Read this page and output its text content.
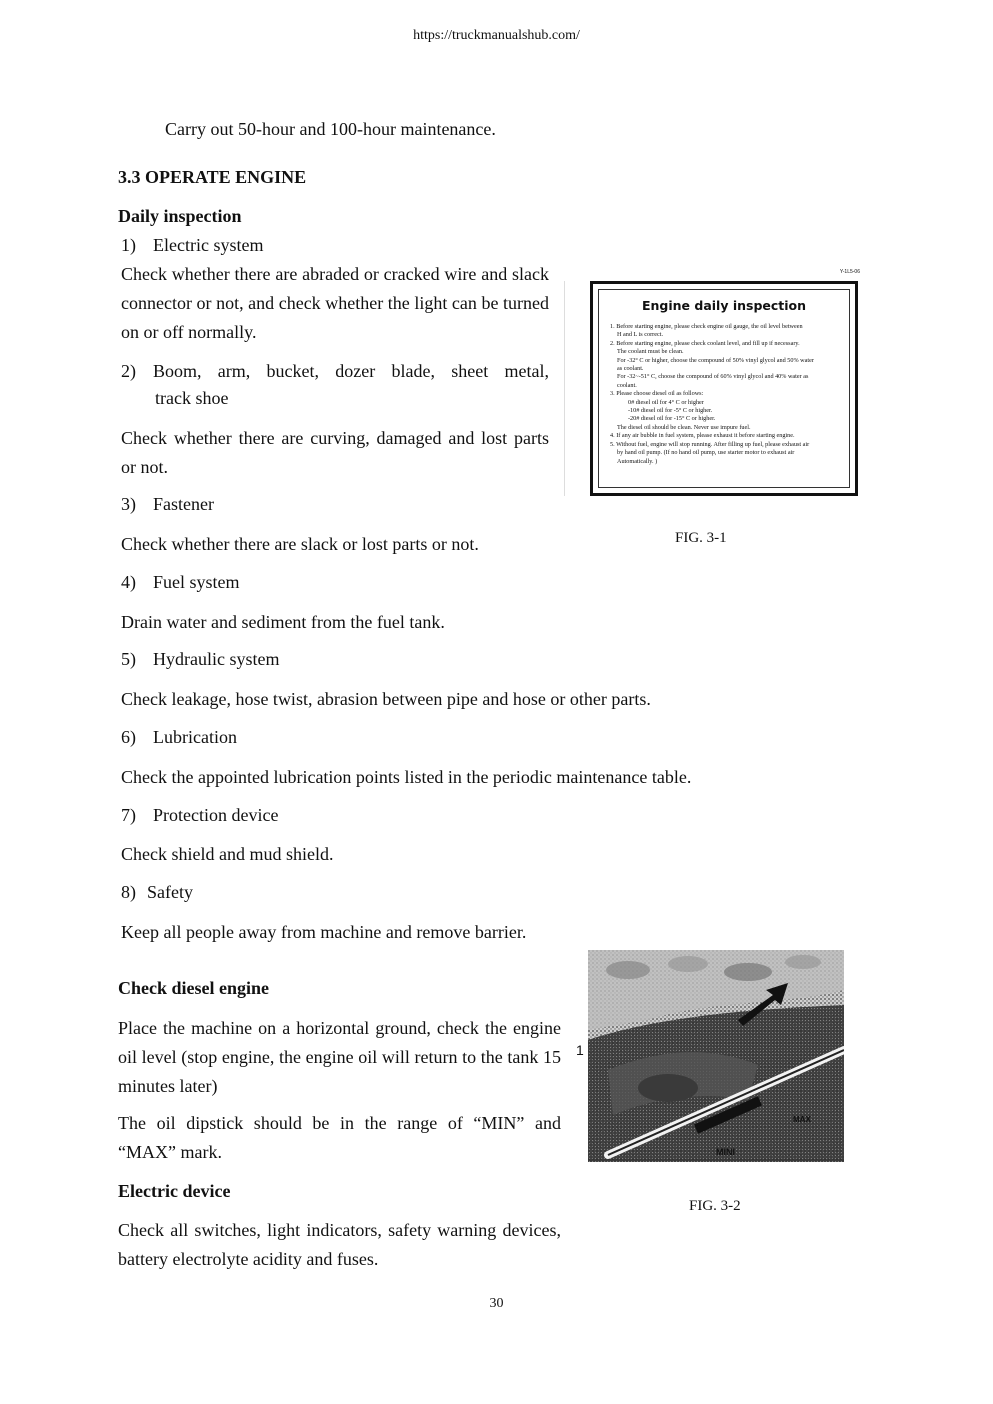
https://truckmanualshub.com/
Carry out 50-hour and 100-hour maintenance.
3.3 OPERATE ENGINE
Daily inspection
1) Electric system
Check whether there are abraded or cracked wire and slack connector or not, and check whether the light can be turned on or off normally.
2) Boom, arm, bucket, dozer blade, sheet metal,
track shoe
Check whether there are curving, damaged and lost parts or not.
3) Fastener
Check whether there are slack or lost parts or not.
4) Fuel system
Drain water and sediment from the fuel tank.
5) Hydraulic system
Check leakage, hose twist, abrasion between pipe and hose or other parts.
6) Lubrication
Check the appointed lubrication points listed in the periodic maintenance table.
7) Protection device
Check shield and mud shield.
8) Safety
Keep all people away from machine and remove barrier.
Check diesel engine
Place the machine on a horizontal ground, check the engine oil level (stop engine, the engine oil will return to the tank 15 minutes later)
The oil dipstick should be in the range of “MIN” and “MAX” mark.
Electric device
Check all switches, light indicators, safety warning devices, battery electrolyte acidity and fuses.
Y-1L5-06
Engine daily inspection
1. Before starting engine, please check engine oil gauge, the oil level between
H and L is correct.
2. Before starting engine, please check coolant level, and fill up if necessary.
The coolant must be clean.
For -32° C or higher, choose the compound of 50% vinyl glycol and 50% water
as coolant.
For -32~-51° C, choose the compound of 60% vinyl glycol and 40% water as
coolant.
3. Please choose diesel oil as follows:
0# diesel oil for 4° C or higher
-10# diesel oil for -5° C or higher.
-20# diesel oil for -15° C or higher.
The diesel oil should be clean. Never use impure fuel.
4. If any air bubble in fuel system, please exhaust it before starting engine.
5. Without fuel, engine will stop running. After filling up fuel, please exhaust air
by hand oil pump. (If no hand oil pump, use starter motor to exhaust air
Automatically. )
FIG. 3-1
1
MINI
MAX
FIG. 3-2
30
